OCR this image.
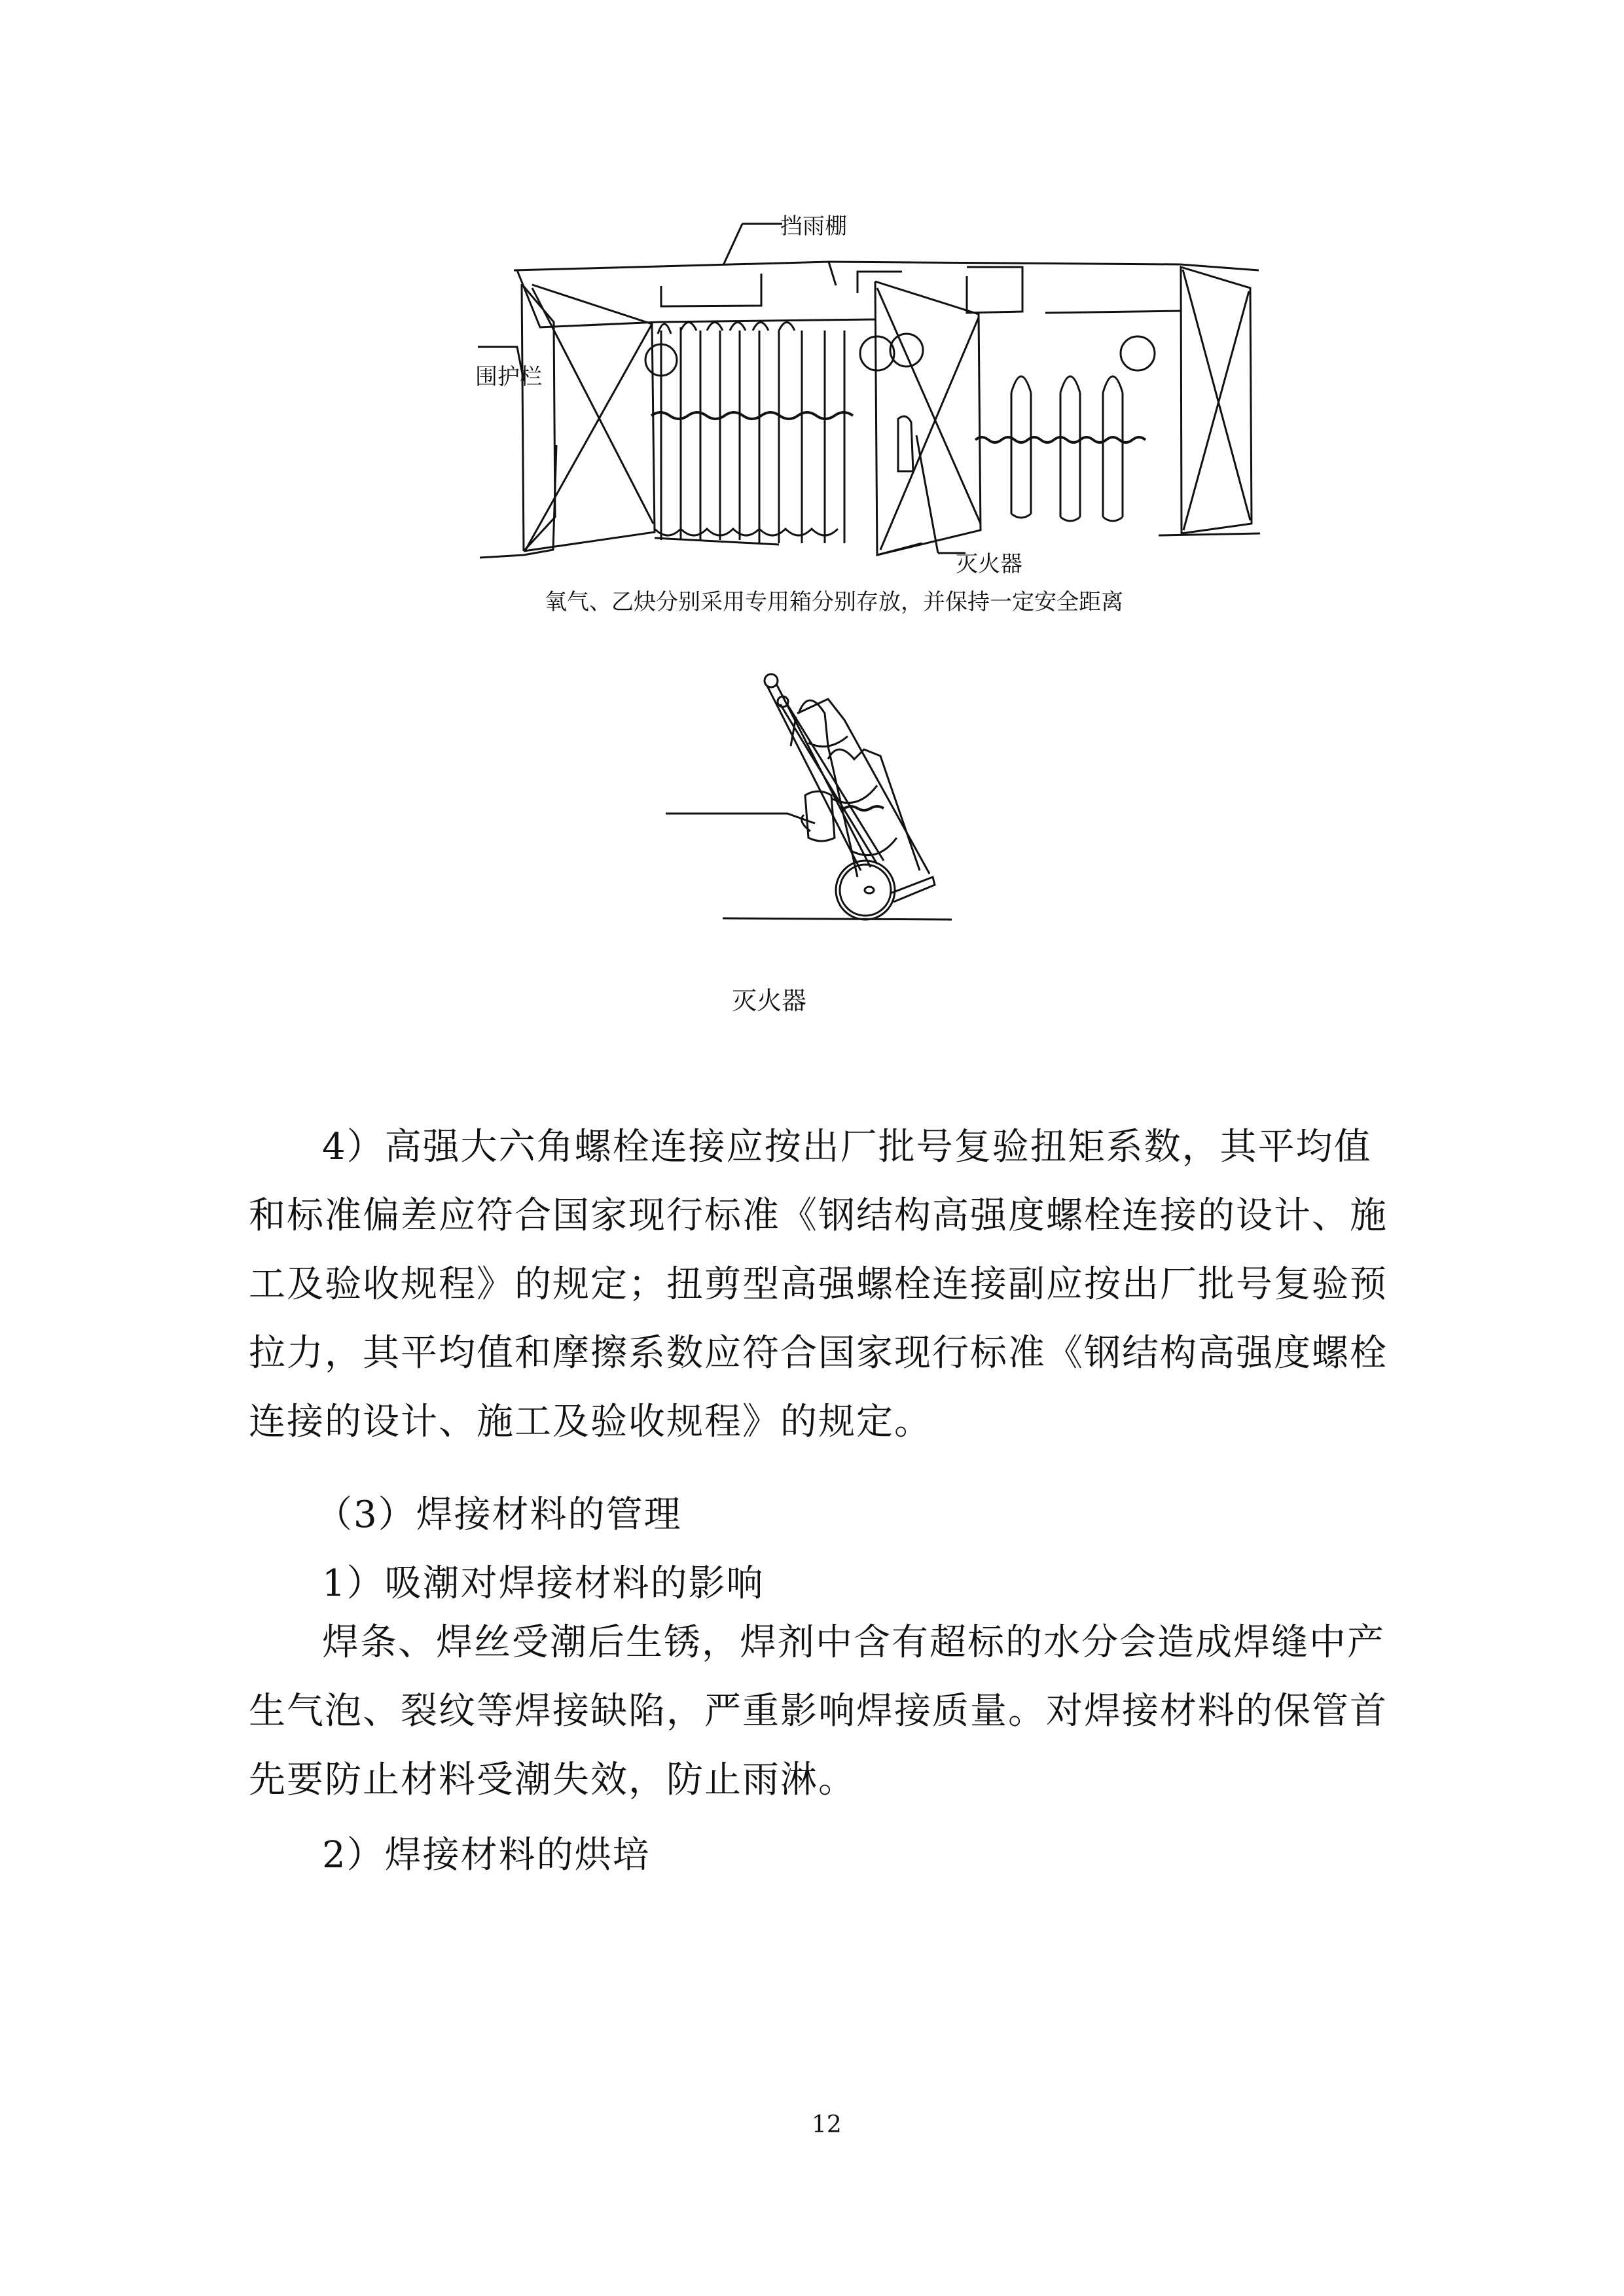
挡雨棚
围护栏
灭火器
氧气、乙炔分别采用专用箱分别存放，并保持一定安全距离
灭火器
4）高强大六角螺栓连接应按出厂批号复验扭矩系数，其平均值
和标准偏差应符合国家现行标准《钢结构高强度螺栓连接的设计、施
工及验收规程》的规定；扭剪型高强螺栓连接副应按出厂批号复验预
拉力，其平均值和摩擦系数应符合国家现行标准《钢结构高强度螺栓
连接的设计、施工及验收规程》的规定。
（3）焊接材料的管理
1）吸潮对焊接材料的影响
焊条、焊丝受潮后生锈，焊剂中含有超标的水分会造成焊缝中产
生气泡、裂纹等焊接缺陷，严重影响焊接质量。对焊接材料的保管首
先要防止材料受潮失效，防止雨淋。
2）焊接材料的烘培
12
